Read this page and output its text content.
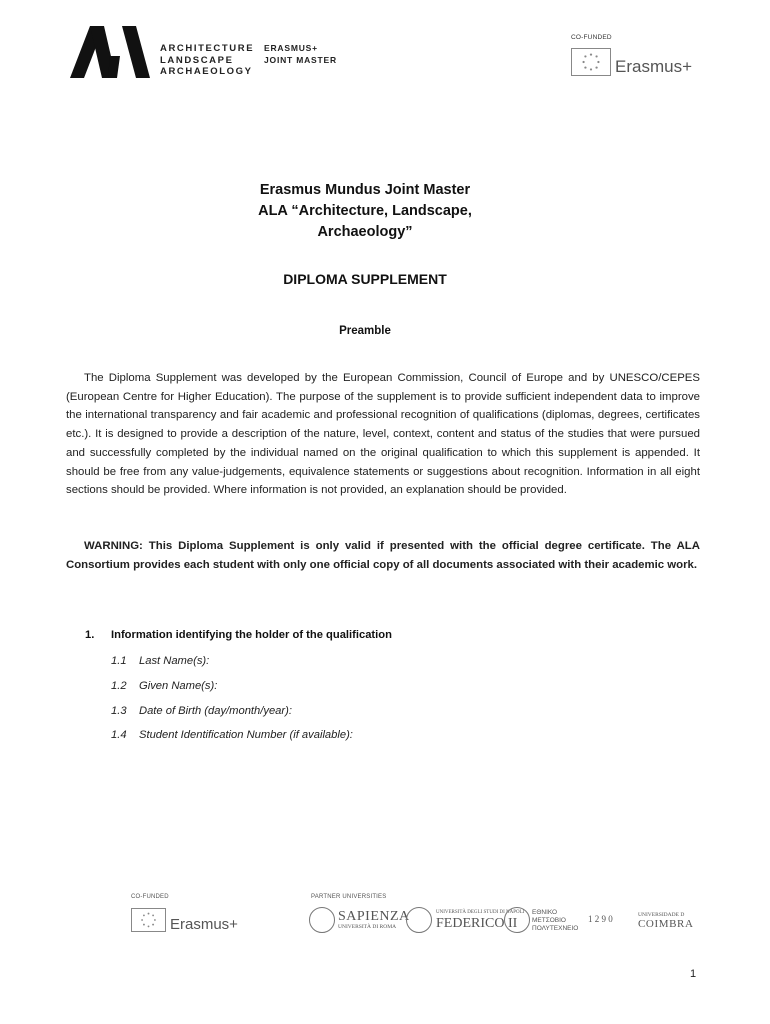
ARCHITECTURE
LANDSCAPE
ARCHAEOLOGY
ERASMUS+
JOINT MASTER
CO-FUNDED
Erasmus+
Erasmus Mundus Joint Master
ALA “Architecture, Landscape,
Archaeology”
DIPLOMA SUPPLEMENT
Preamble
The Diploma Supplement was developed by the European Commission, Council of Europe and by UNESCO/CEPES (European Centre for Higher Education). The purpose of the supplement is to provide sufficient independent data to improve the international transparency and fair academic and professional recognition of qualifications (diplomas, degrees, certificates etc.). It is designed to provide a description of the nature, level, context, content and status of the studies that were pursued and successfully completed by the individual named on the original qualification to which this supplement is appended. It should be free from any value-judgements, equivalence statements or suggestions about recognition. Information in all eight sections should be provided. Where information is not provided, an explanation should be provided.
WARNING: This Diploma Supplement is only valid if presented with the official degree certificate. The ALA Consortium provides each student with only one official copy of all documents associated with their academic work.
1. Information identifying the holder of the qualification
1.1 Last Name(s):
1.2 Given Name(s):
1.3 Date of Birth (day/month/year):
1.4 Student Identification Number (if available):
CO-FUNDED
Erasmus+
PARTNER UNIVERSITIES
SAPIENZA
UNIVERSITÀ DI ROMA
UNIVERSITÀ DEGLI STUDI DI NAPOLI
FEDERICO II
ΕΘΝΙΚΟ
ΜΕΤΣΟΒΙΟ
ΠΟΛΥΤΕΧΝΕΙΟ
1 2 9 0	UNIVERSIDADE D
COIMBRA
1
